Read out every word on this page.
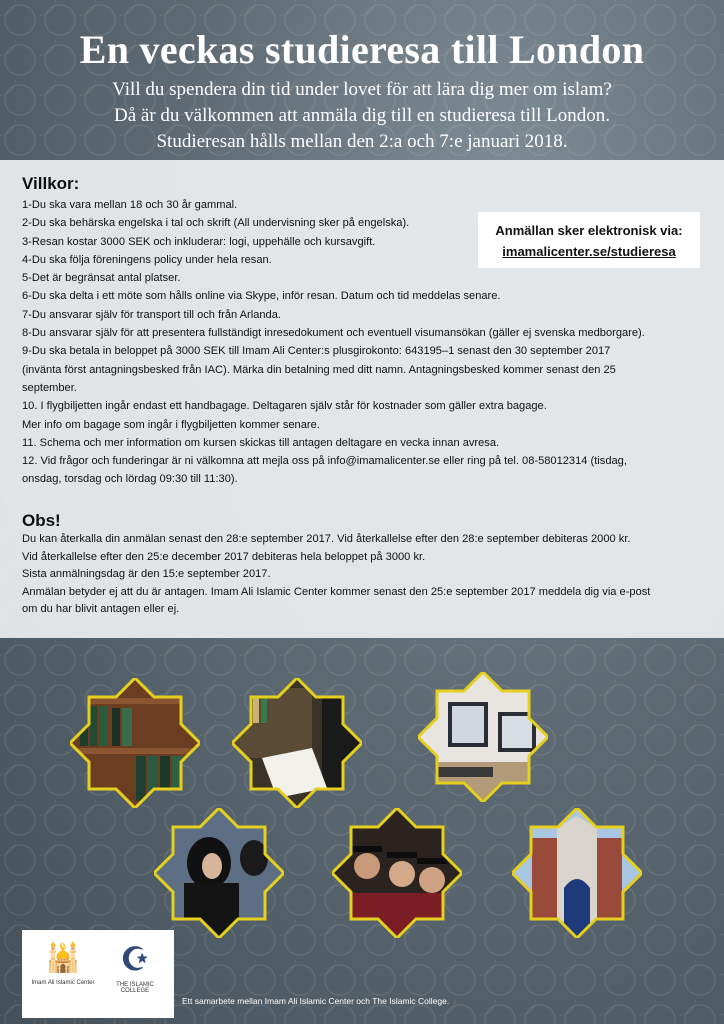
En veckas studieresa till London

Vill du spendera din tid under lovet för att lära dig mer om islam?

Då är du välkommen att anmäla dig till en studieresa till London.

Studieresan hålls mellan den 2:a och 7:e januari 2018.

Villkor:

1-Du ska vara mellan 18 och 30 år gammal.

2-Du ska behärska engelska i tal och skrift (All undervisning sker på engelska).

3-Resan kostar 3000 SEK och inkluderar: logi, uppehälle och kursavgift.

4-Du ska följa föreningens policy under hela resan.

5-Det är begränsat antal platser.

6-Du ska delta i ett möte som hålls online via Skype, inför resan. Datum och tid meddelas senare.

7-Du ansvarar själv för transport till och från Arlanda.

8-Du ansvarar själv för att presentera fullständigt inresedokument och eventuell visumansökan (gäller ej svenska medborgare).

9-Du ska betala in beloppet på 3000 SEK till Imam Ali Center:s plusgirokonto: 643195–1 senast den 30 september 2017

(invänta först antagningsbesked från IAC). Märka din betalning med ditt namn. Antagningsbesked kommer senast den 25

september.

10. I flygbiljetten ingår endast ett handbagage. Deltagaren själv står för kostnader som gäller extra bagage.

Mer info om bagage som ingår i flygbiljetten kommer senare.

11. Schema och mer information om kursen skickas till antagen deltagare en vecka innan avresa.

12. Vid frågor och funderingar är ni välkomna att mejla oss på info@imamalicenter.se eller ring på tel. 08-58012314 (tisdag,

onsdag, torsdag och lördag 09:30 till 11:30).

Anmällan sker elektronisk via:
imamalicenter.se/studieresa
Obs!

Du kan återkalla din anmälan senast den 28:e september 2017. Vid återkallelse efter den 28:e september debiteras 2000 kr.

Vid återkallelse efter den 25:e december 2017 debiteras hela beloppet på 3000 kr.

Sista anmälningsdag är den 15:e september 2017.

Anmälan betyder ej att du är antagen. Imam Ali Islamic Center kommer senast den 25:e september 2017 meddela dig via e-post

om du har blivit antagen eller ej.

🕌
Imam Ali Islamic Center
☪
THE ISLAMIC COLLEGE
Ett samarbete mellan Imam Ali Islamic Center och The Islamic College.
